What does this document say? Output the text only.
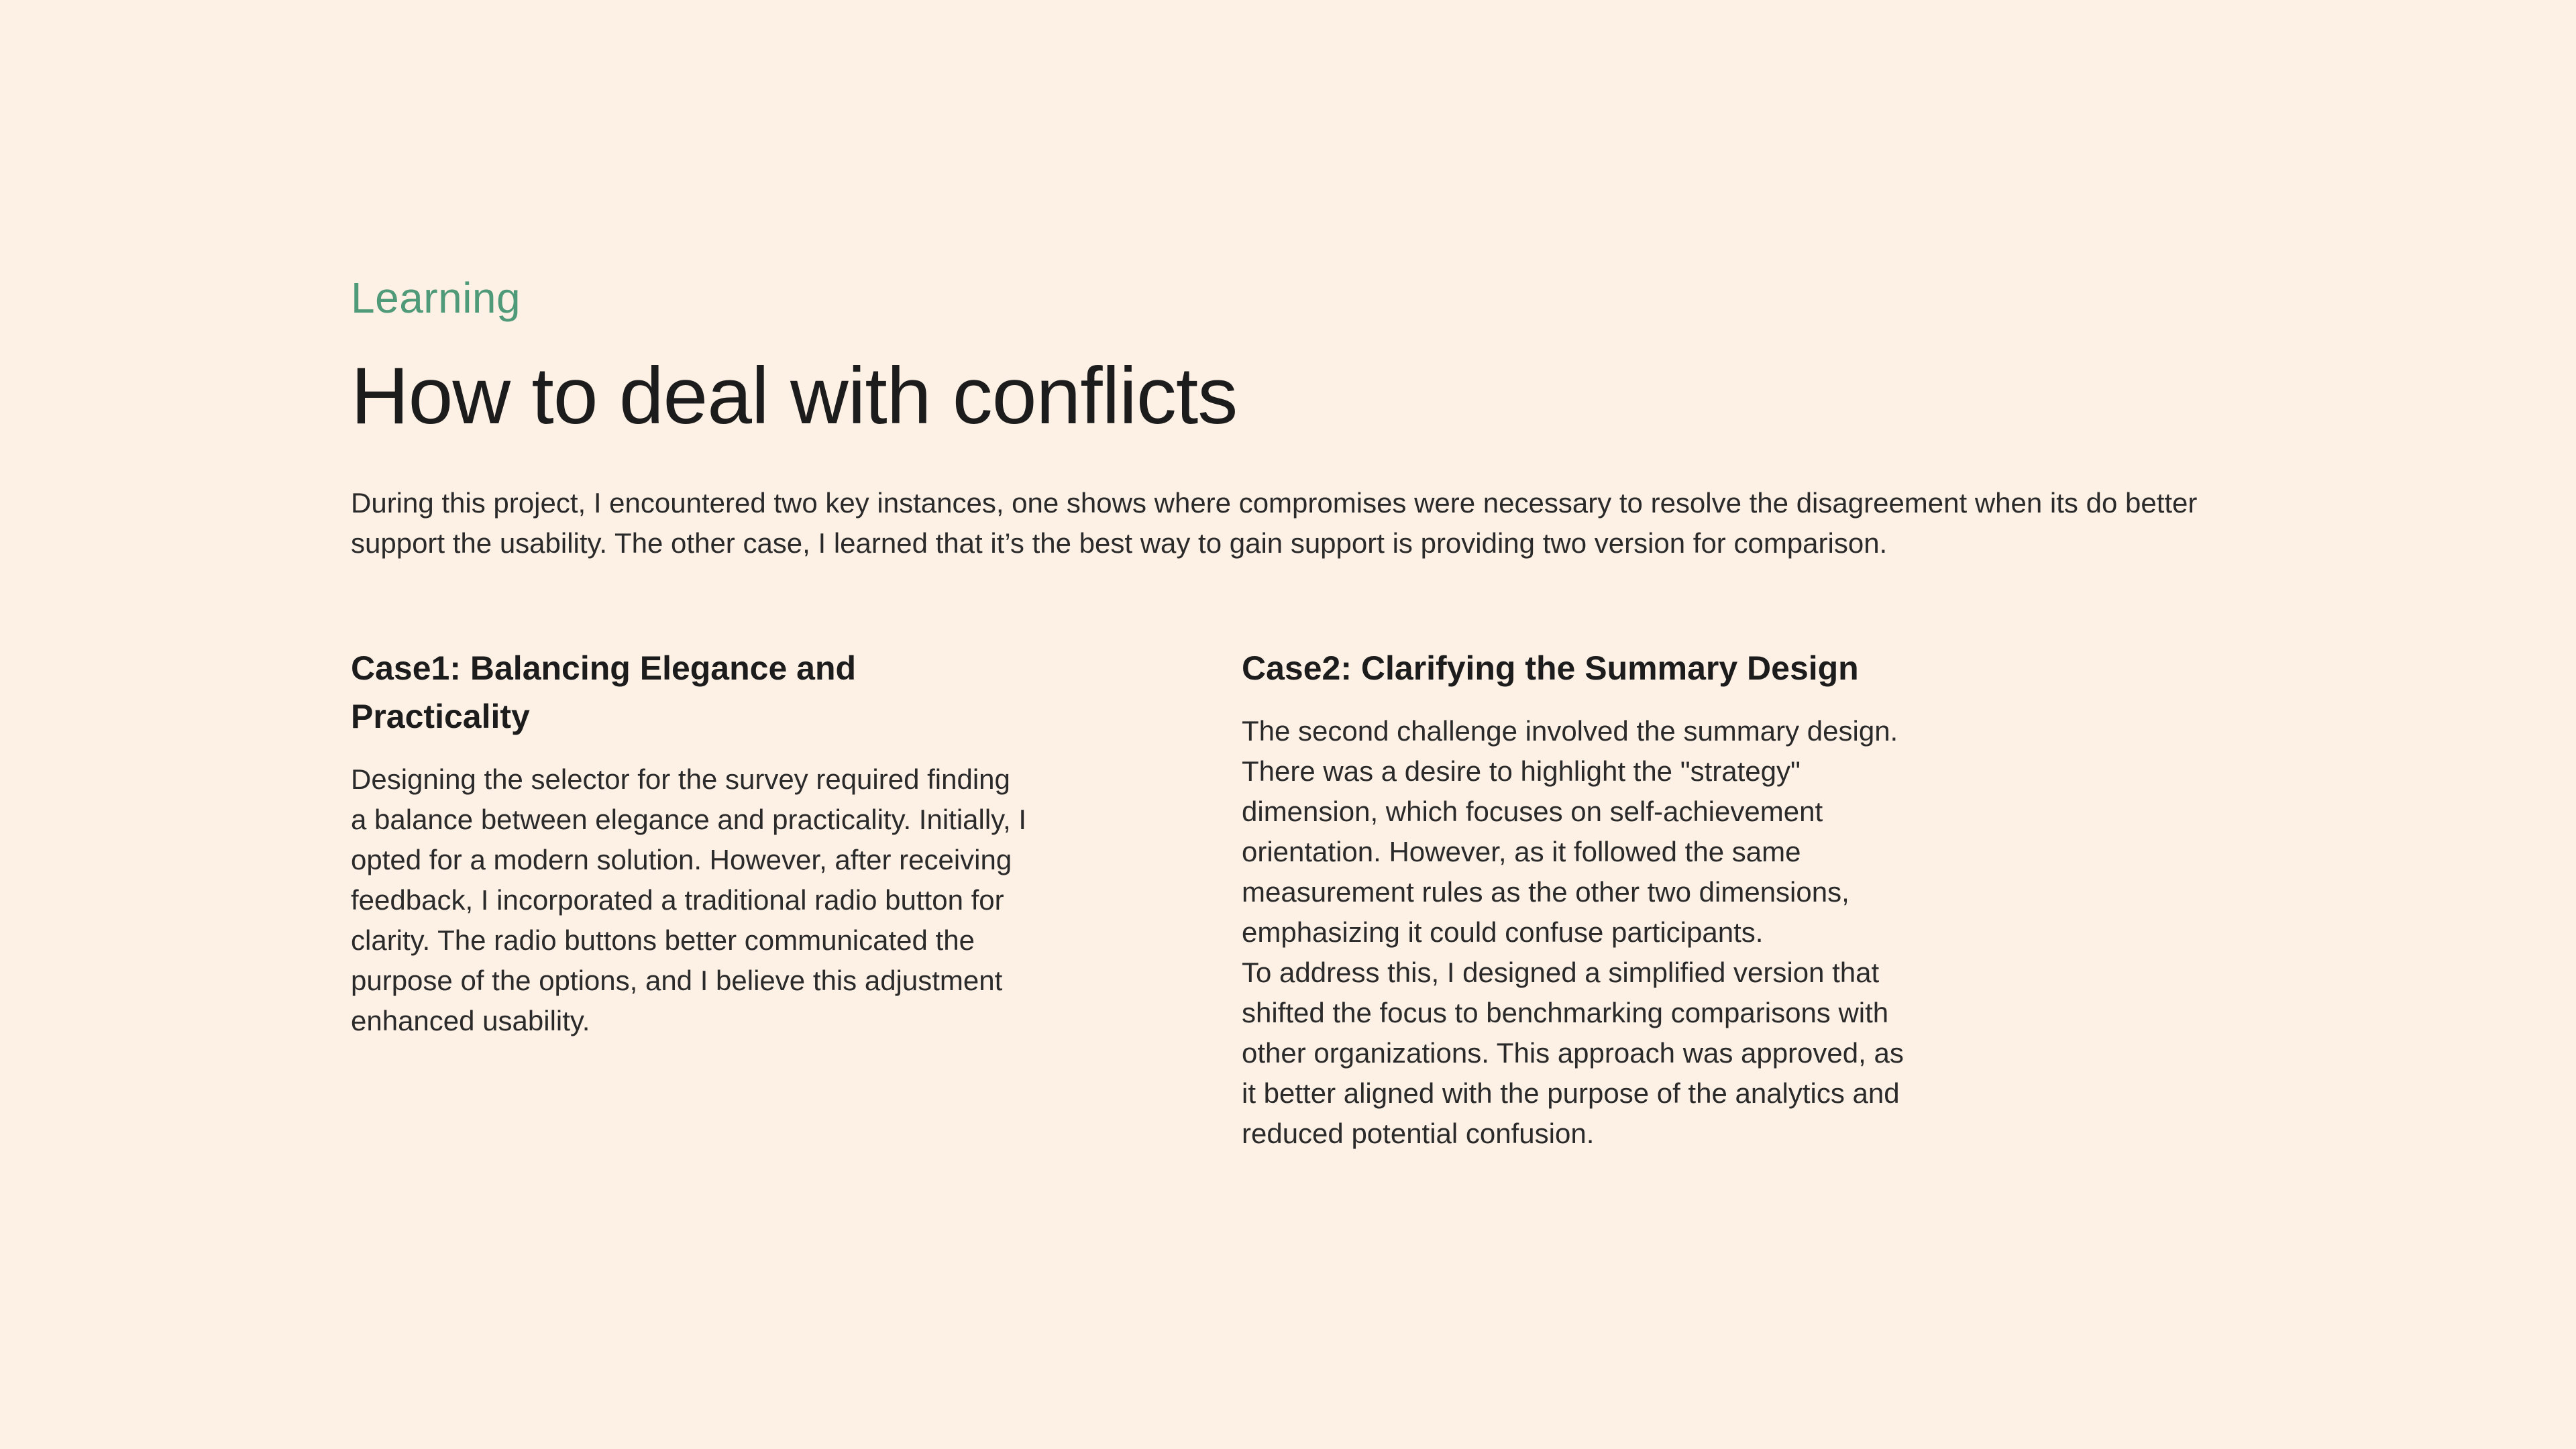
Learning

How to deal with conflicts

During this project, I encountered two key instances, one shows where compromises were necessary to resolve the disagreement when its do better support the usability. The other case, I learned that it’s the best way to gain support is providing two version for comparison.

Case1: Balancing Elegance and Practicality

Designing the selector for the survey required finding a balance between elegance and practicality. Initially, I opted for a modern solution. However, after receiving feedback, I incorporated a traditional radio button for clarity. The radio buttons better communicated the purpose of the options, and I believe this adjustment enhanced usability.

Case2: Clarifying the Summary Design

The second challenge involved the summary design. There was a desire to highlight the "strategy" dimension, which focuses on self-achievement orientation. However, as it followed the same measurement rules as the other two dimensions, emphasizing it could confuse participants.

To address this, I designed a simplified version that shifted the focus to benchmarking comparisons with other organizations. This approach was approved, as it better aligned with the purpose of the analytics and reduced potential confusion.
